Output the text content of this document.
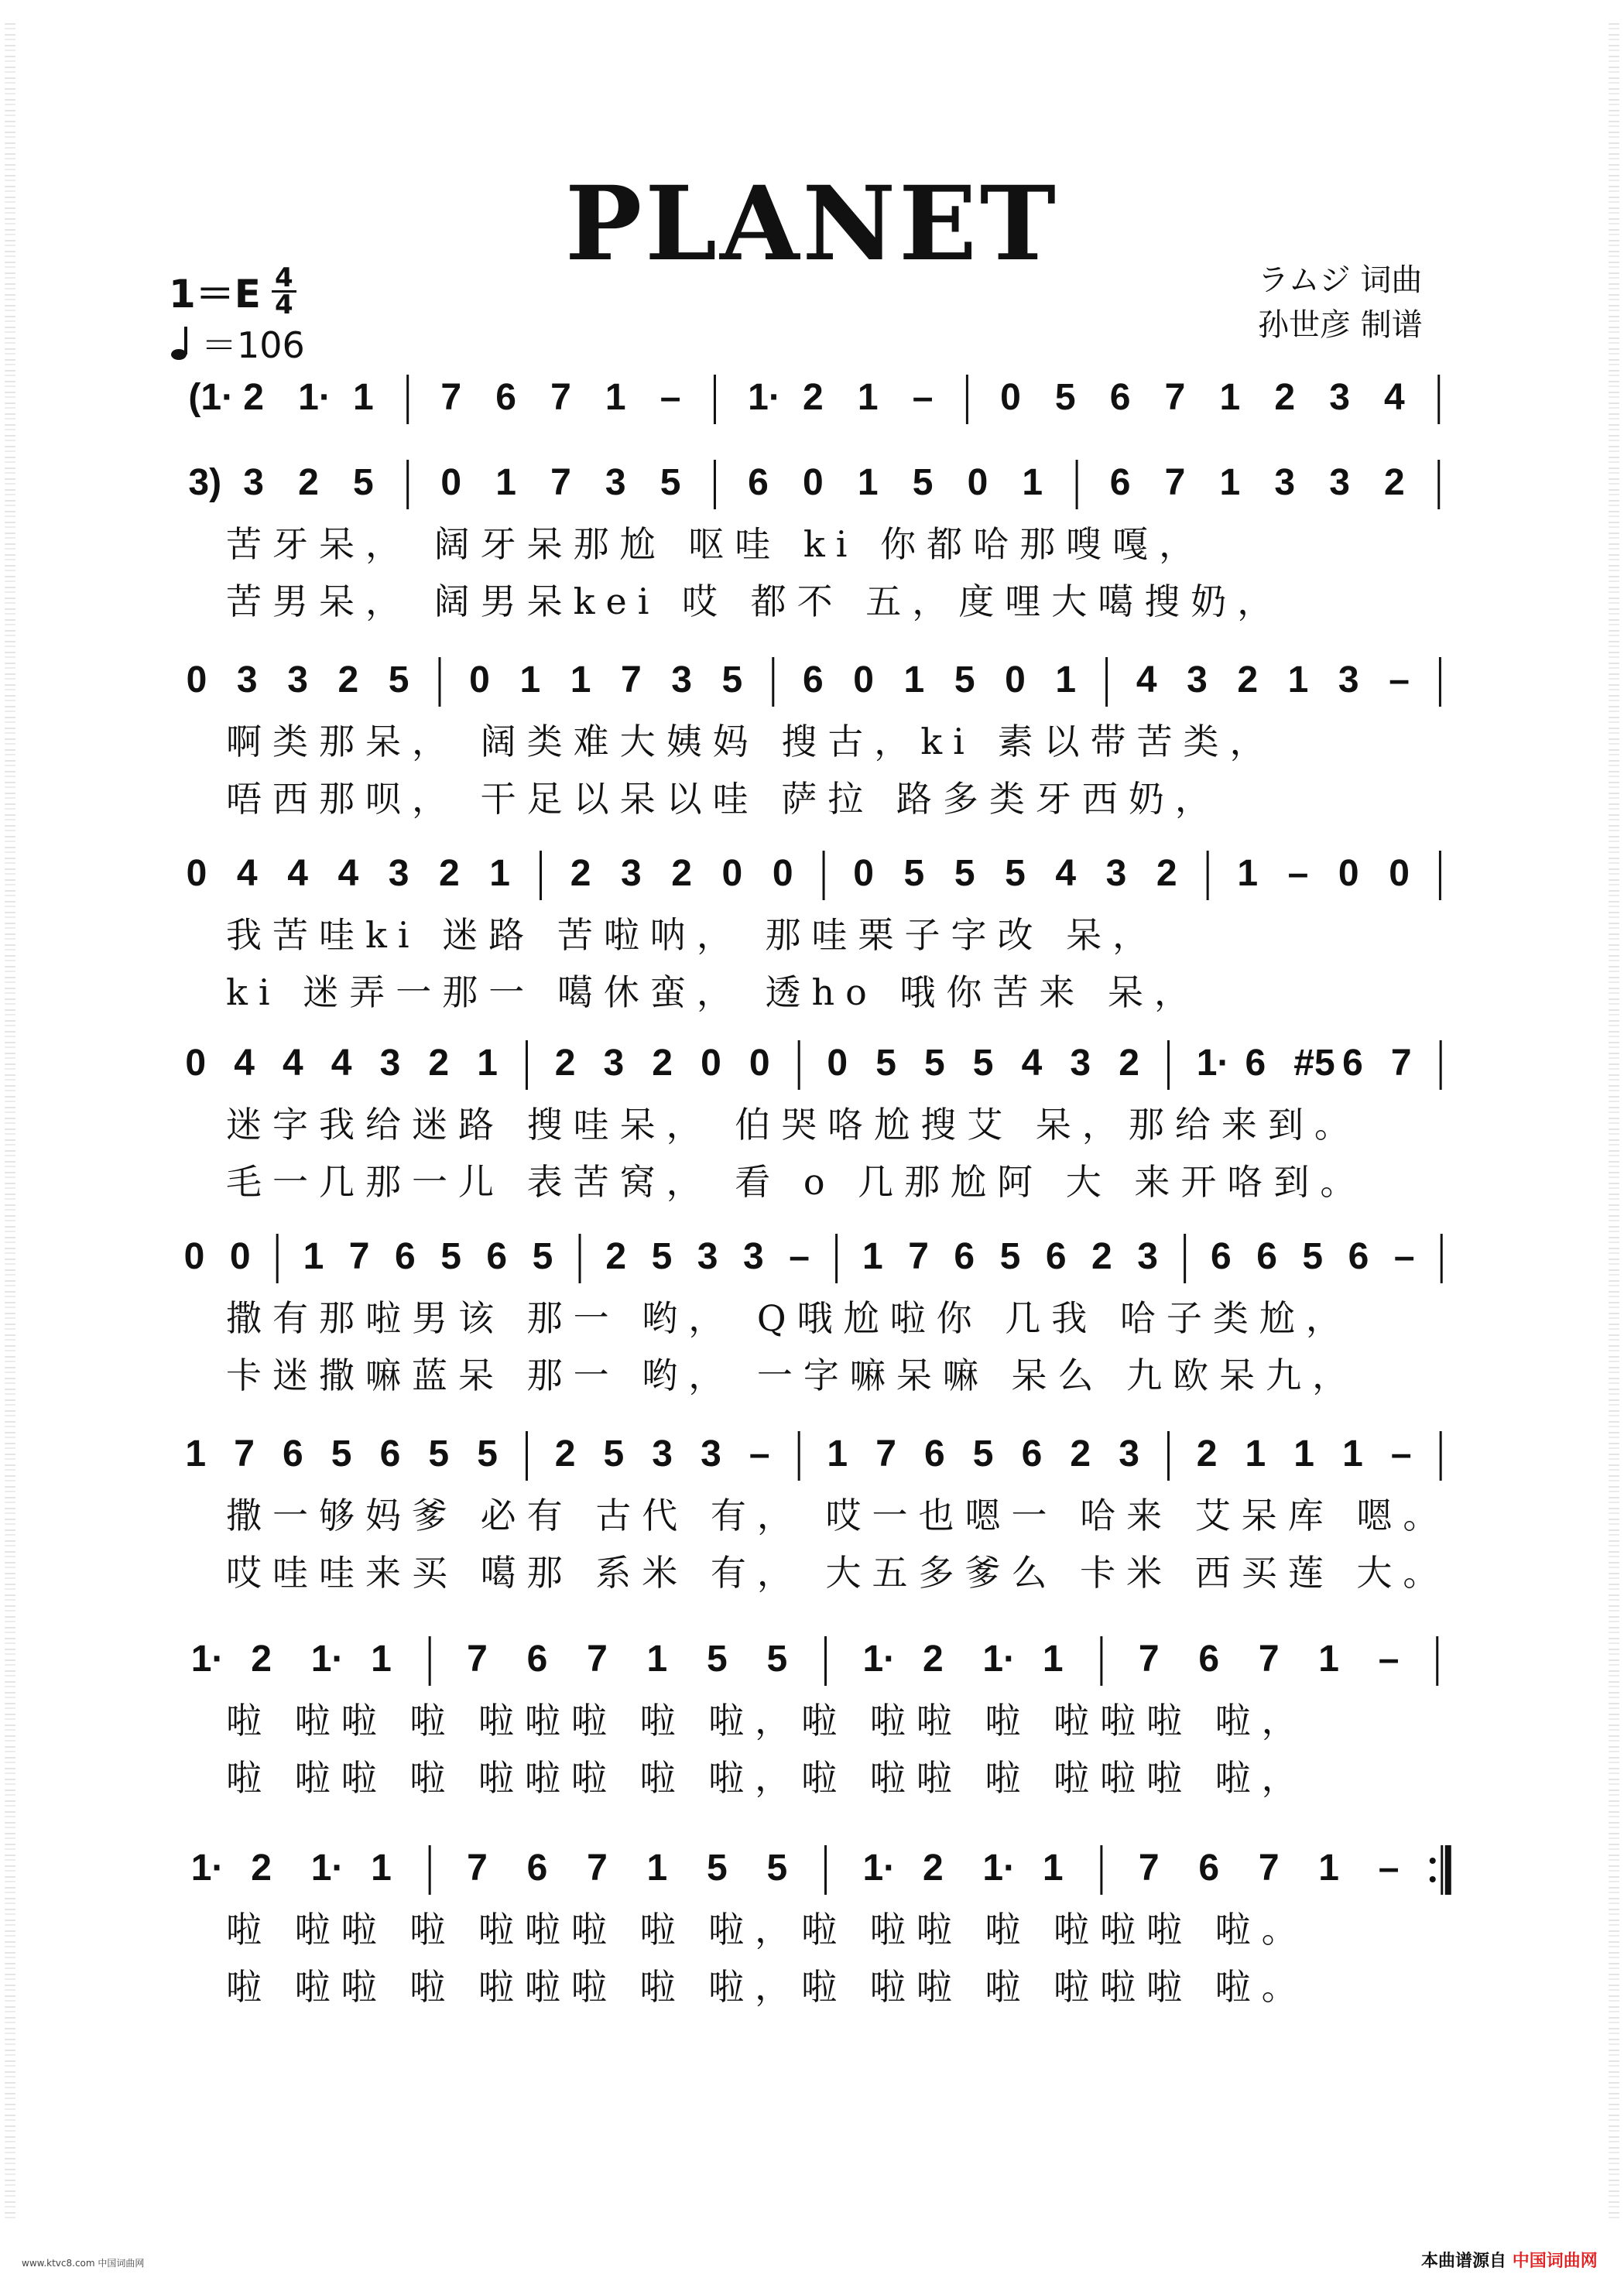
PLANET	ラムジ 词曲
孙世彦 制谱
$1=E \frac{4}{4}$
＝106
(1· 2 1· 1 7 6 7 1 – 1· 2 1 – 0 5 6 7 1 2 3 4
3) 3 2 5 0 1 7 3 5 6 0 1 5 0 1 6 7 1 3 3 2
苦牙呆， 阔牙呆那尬 呕哇 ki 你都哈那嗖嘎，
苦男呆， 阔男呆kei 哎 都不 五，度哩大噶搜奶，
0 3 3 2 5 0 1 1 7 3 5 6 0 1 5 0 1 4 3 2 1 3 –
啊类那呆， 阔类难大姨妈 搜古，ki 素以带苦类，
唔西那呗， 干足以呆以哇 萨拉 路多类牙西奶，
0 4 4 4 3 2 1 2 3 2 0 0 0 5 5 5 4 3 2 1 – 0 0
我苦哇ki 迷路 苦啦呐， 那哇栗子字改 呆，
ki 迷弄一那一 噶休蛮， 透ho 哦你苦来 呆，
0 4 4 4 3 2 1 2 3 2 0 0 0 5 5 5 4 3 2 1· 6 #5 6 7
迷字我给迷路 搜哇呆， 伯哭咯尬搜艾 呆，那给来到。
毛一几那一儿 表苦窝， 看 o 几那尬阿 大 来开咯到。
0 0 1 7 6 5 6 5 2 5 3 3 – 1 7 6 5 6 2 3 6 6 5 6 –
撒有那啦男该 那一 哟， Q哦尬啦你 几我 哈子类尬，
卡迷撒嘛蓝呆 那一 哟， 一字嘛呆嘛 呆么 九欧呆九，
1 7 6 5 6 5 5 2 5 3 3 – 1 7 6 5 6 2 3 2 1 1 1 –
撒一够妈爹 必有 古代 有， 哎一也嗯一 哈来 艾呆库 嗯。
哎哇哇来买 噶那 系米 有， 大五多爹么 卡米 西买莲 大。
1· 2 1· 1 7 6 7 1 5 5 1· 2 1· 1 7 6 7 1 –
啦 啦啦 啦 啦啦啦 啦 啦，啦 啦啦 啦 啦啦啦 啦，
啦 啦啦 啦 啦啦啦 啦 啦，啦 啦啦 啦 啦啦啦 啦，
1· 2 1· 1 7 6 7 1 5 5 1· 2 1· 1 7 6 7 1 –
啦 啦啦 啦 啦啦啦 啦 啦，啦 啦啦 啦 啦啦啦 啦。
啦 啦啦 啦 啦啦啦 啦 啦，啦 啦啦 啦 啦啦啦 啦。
www.ktvc8.com 中国词曲网	本曲谱源自 中国词曲网
